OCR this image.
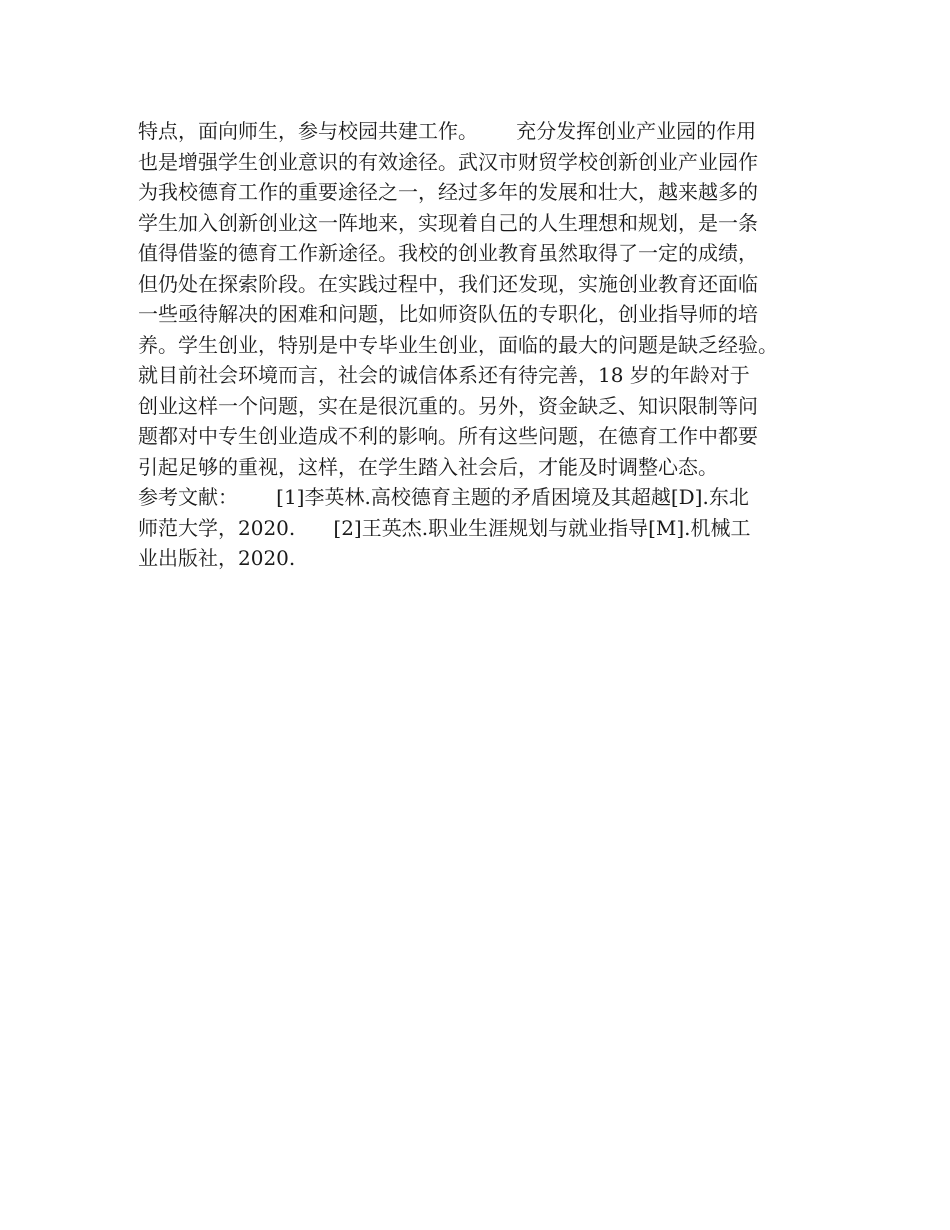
特点，面向师生，参与校园共建工作。      充分发挥创业产业园的作用
也是增强学生创业意识的有效途径。武汉市财贸学校创新创业产业园作
为我校德育工作的重要途径之一，经过多年的发展和壮大，越来越多的
学生加入创新创业这一阵地来，实现着自己的人生理想和规划，是一条
值得借鉴的德育工作新途径。我校的创业教育虽然取得了一定的成绩，
但仍处在探索阶段。在实践过程中，我们还发现，实施创业教育还面临
一些亟待解决的困难和问题，比如师资队伍的专职化，创业指导师的培
养。学生创业，特别是中专毕业生创业，面临的最大的问题是缺乏经验。
就目前社会环境而言，社会的诚信体系还有待完善，18 岁的年龄对于
创业这样一个问题，实在是很沉重的。另外，资金缺乏、知识限制等问
题都对中专生创业造成不利的影响。所有这些问题，在德育工作中都要
引起足够的重视，这样，在学生踏入社会后，才能及时调整心态。
参考文献：      [1]李英林.高校德育主题的矛盾困境及其超越[D].东北
师范大学，2020.      [2]王英杰.职业生涯规划与就业指导[M].机械工
业出版社，2020.
